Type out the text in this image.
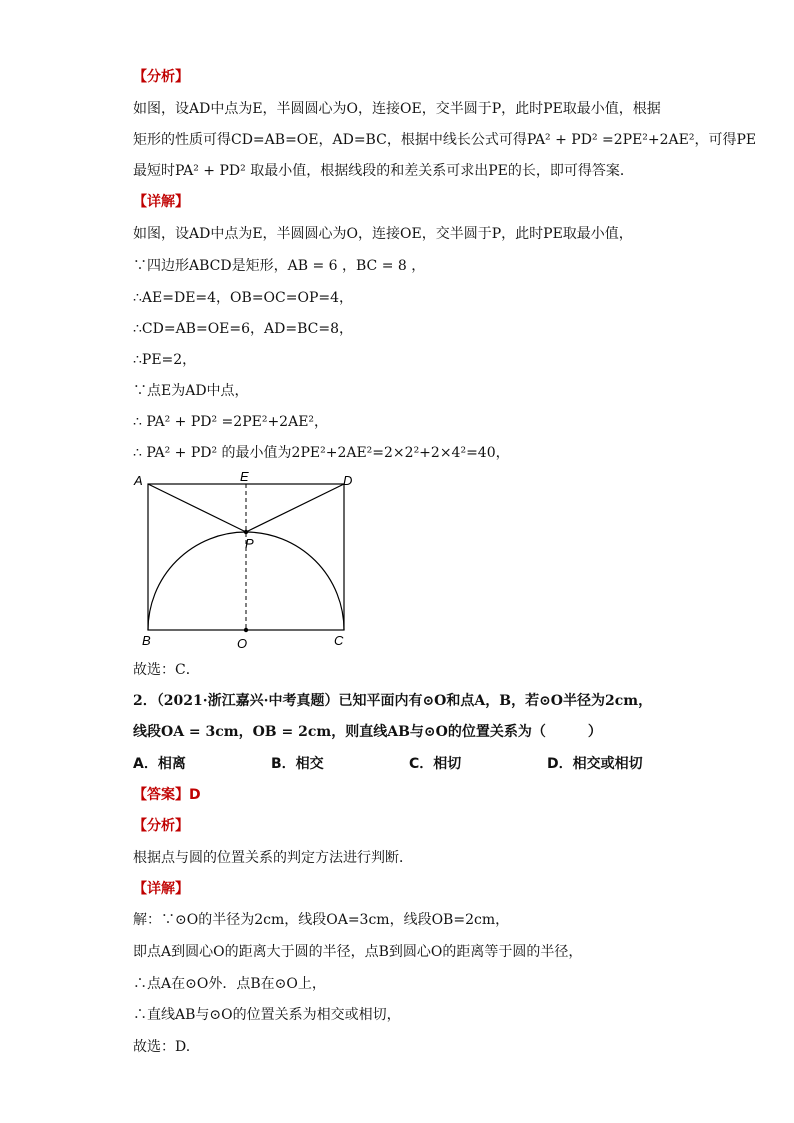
【分析】
如图，设AD中点为E，半圆圆心为O，连接OE，交半圆于P，此时PE取最小值，根据
矩形的性质可得CD=AB=OE，AD=BC，根据中线长公式可得PA² + PD² =2PE²+2AE²，可得PE
最短时PA² + PD² 取最小值，根据线段的和差关系可求出PE的长，即可得答案．
【详解】
如图，设AD中点为E，半圆圆心为O，连接OE，交半圆于P，此时PE取最小值，
∵四边形ABCD是矩形，AB = 6 ，BC = 8 ，
∴AE=DE=4，OB=OC=OP=4，
∴CD=AB=OE=6，AD=BC=8，
∴PE=2，
∵点E为AD中点，
∴ PA² + PD² =2PE²+2AE²，
∴ PA² + PD² 的最小值为2PE²+2AE²=2×2²+2×4²=40，
A	E	D
P
B	O	C
故选：C．
2．（2021·浙江嘉兴·中考真题）已知平面内有⊙O和点A，B，若⊙O半径为2cm，
线段OA = 3cm，OB = 2cm，则直线AB与⊙O的位置关系为（　　　）
A．相离	B．相交	C．相切	D．相交或相切
【答案】D
【分析】
根据点与圆的位置关系的判定方法进行判断．
【详解】
解：∵⊙O的半径为2cm，线段OA=3cm，线段OB=2cm，
即点A到圆心O的距离大于圆的半径，点B到圆心O的距离等于圆的半径，
∴点A在⊙O外．点B在⊙O上，
∴直线AB与⊙O的位置关系为相交或相切，
故选：D.
